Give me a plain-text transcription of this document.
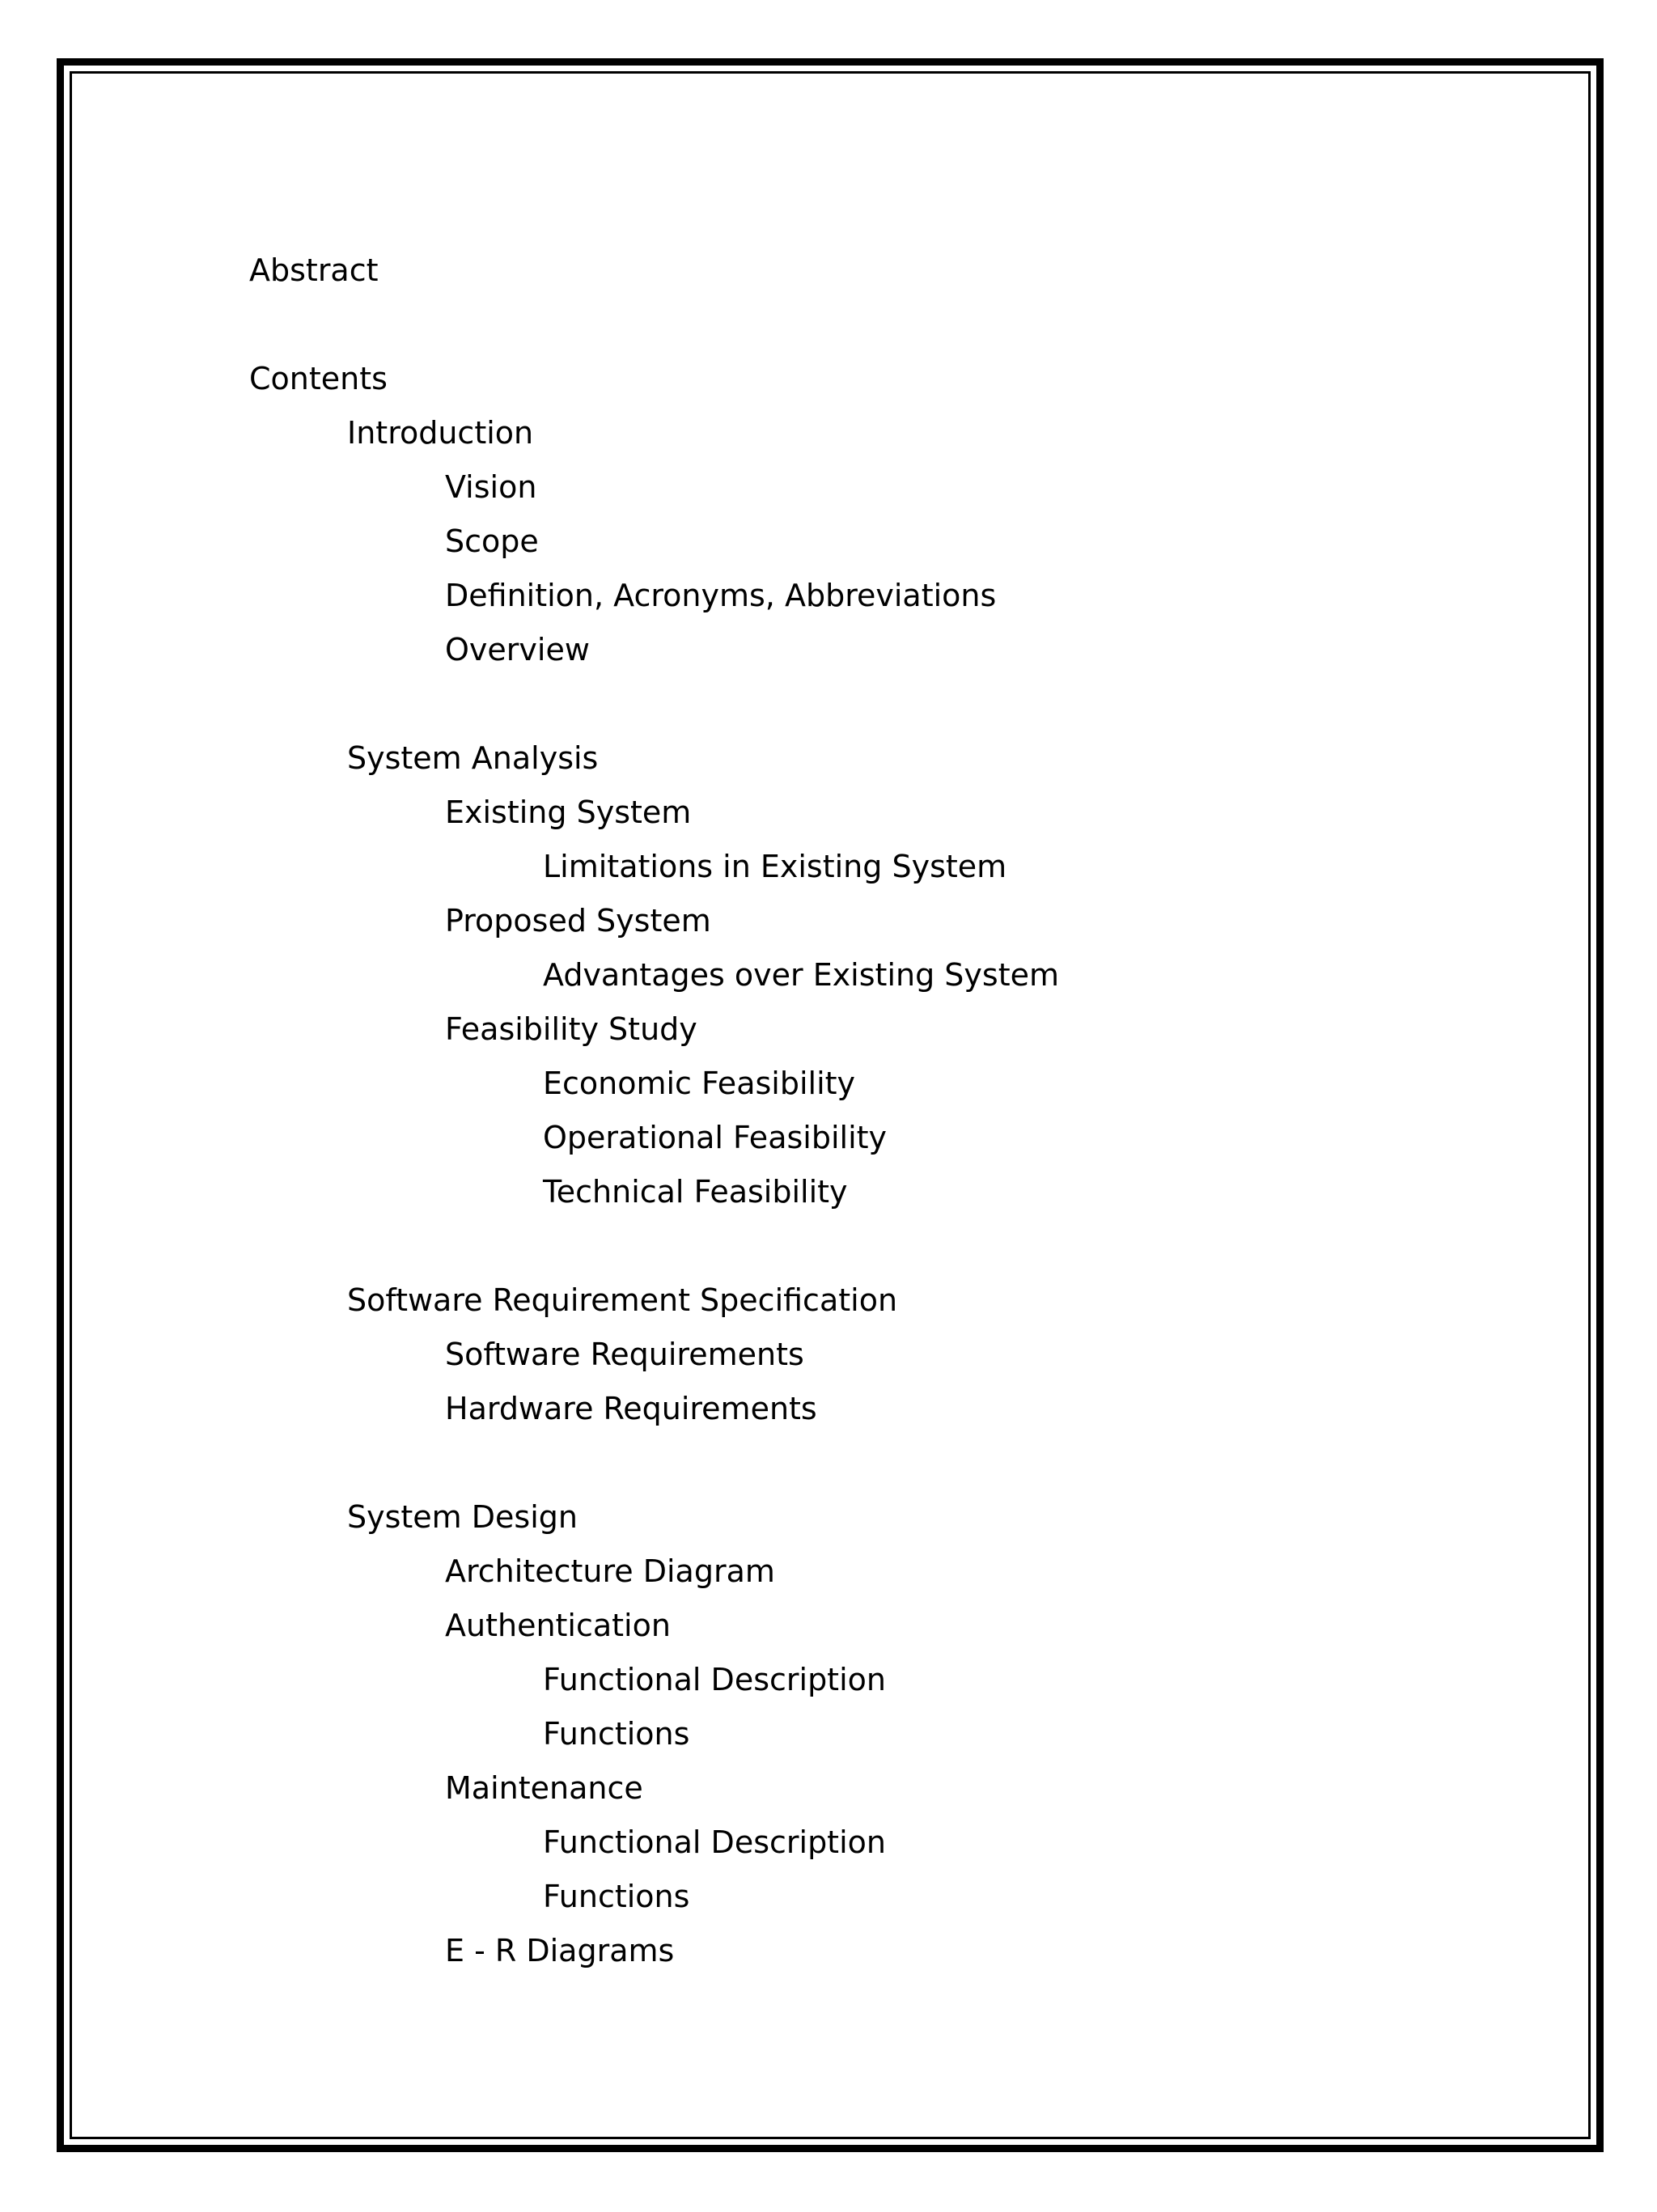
Abstract
Contents
Introduction
Vision
Scope
Definition, Acronyms, Abbreviations
Overview
System Analysis
Existing System
Limitations in Existing System
Proposed System
Advantages over Existing System
Feasibility Study
Economic Feasibility
Operational Feasibility
Technical Feasibility
Software Requirement Specification
Software Requirements
Hardware Requirements
System Design
Architecture Diagram
Authentication
Functional Description
Functions
Maintenance
Functional Description
Functions
E - R Diagrams
